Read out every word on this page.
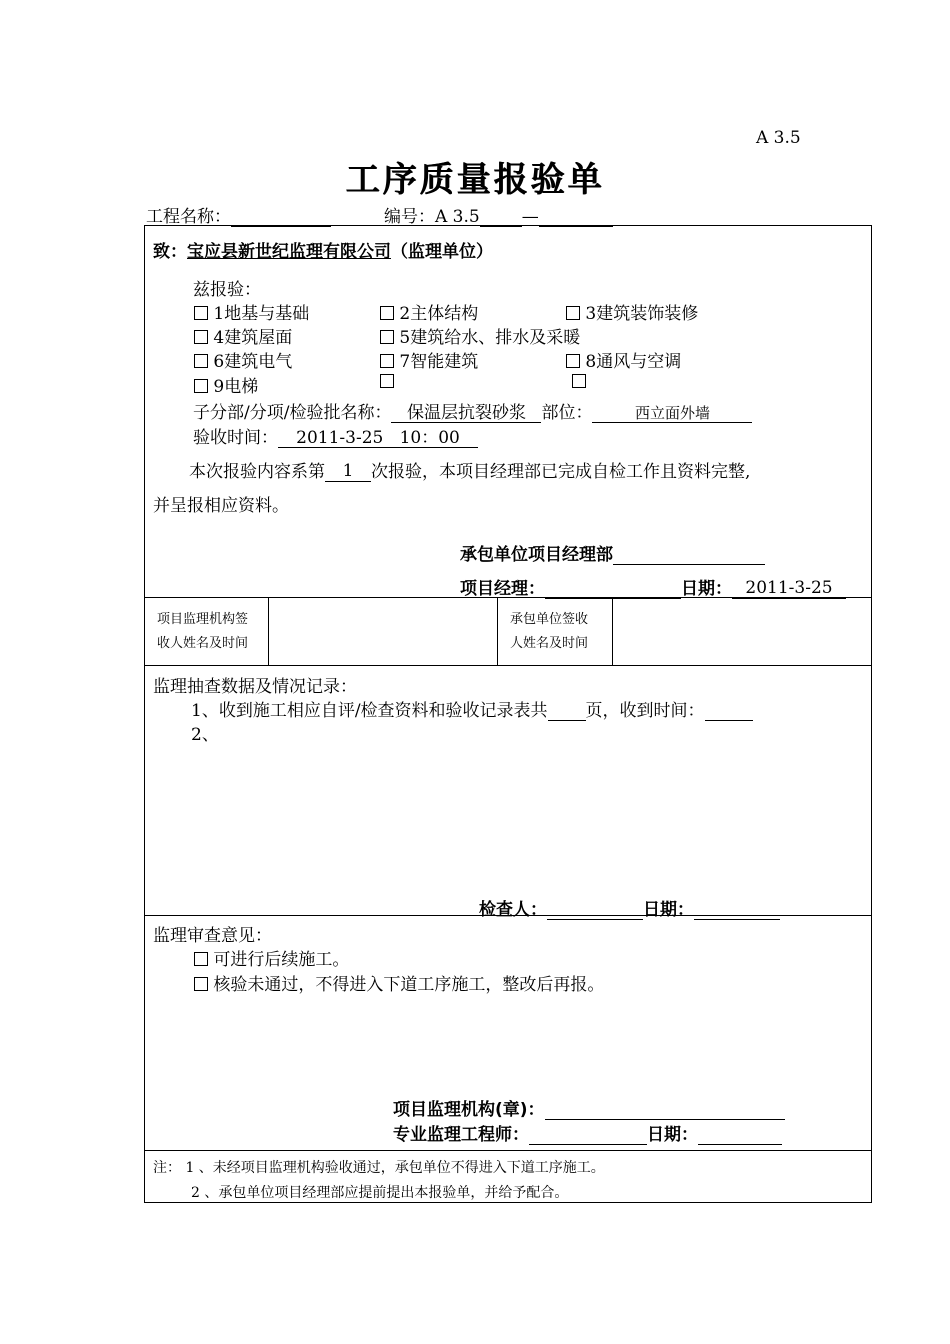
A 3.5
工序质量报验单
工程名称：	编号：A 3.5 —
致：宝应县新世纪监理有限公司（监理单位）
兹报验：
1地基与基础	2主体结构	3建筑装饰装修
4建筑屋面	5建筑给水、排水及采暖
6建筑电气	7智能建筑	8通风与空调
9电梯
子分部/分项/检验批名称： 保温层抗裂砂浆 部位：	西立面外墙
验收时间： 2011-3-25   10：00
本次报验内容系第 1 次报验，本项目经理部已完成自检工作且资料完整,
并呈报相应资料。
承包单位项目经理部
项目经理：	日期： 2011-3-25

项目监理机构签
收人姓名及时间

承包单位签收
人姓名及时间

监理抽查数据及情况记录：
1、收到施工相应自评/检查资料和验收记录表共 页，收到时间：
2、
检查人：	日期：

监理审查意见：
可进行后续施工。
核验未通过，不得进入下道工序施工，整改后再报。
项目监理机构(章)：
专业监理工程师：	日期：

注： 1 、未经项目监理机构验收通过，承包单位不得进入下道工序施工。
2 、承包单位项目经理部应提前提出本报验单，并给予配合。
